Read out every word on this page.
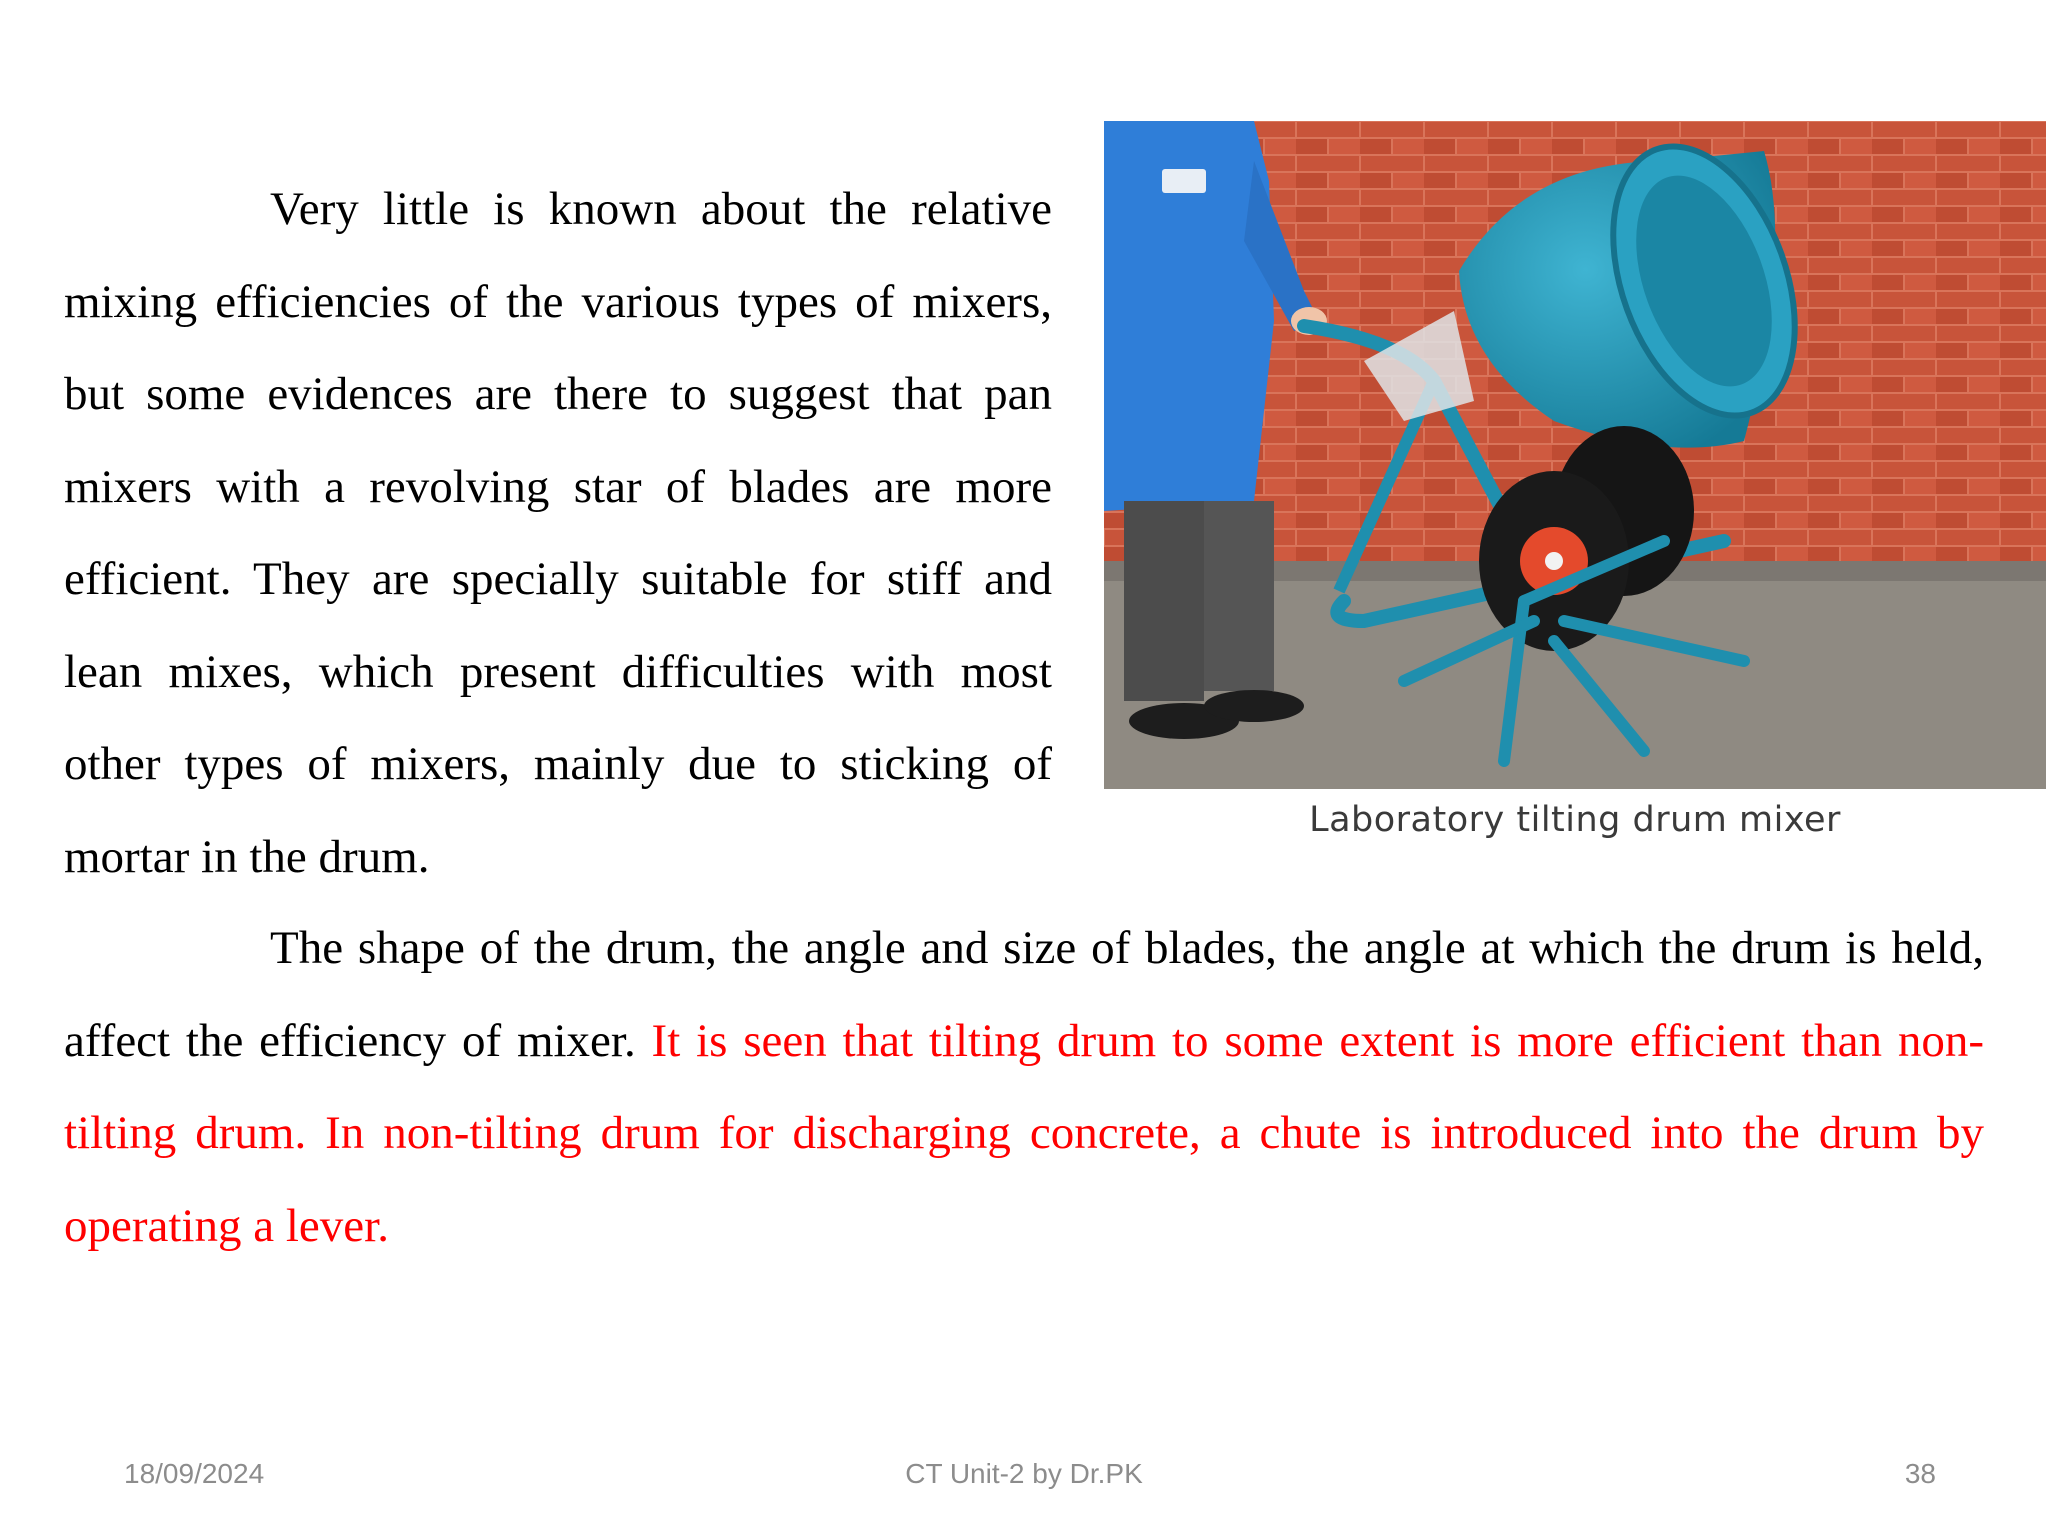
Very little is known about the relative mixing efficiencies of the various types of mixers, but some evidences are there to suggest that pan mixers with a revolving star of blades are more efficient. They are specially suitable for stiff and lean mixes, which present difficulties with most other types of mixers, mainly due to sticking of mortar in the drum.

Laboratory tilting drum mixer

The shape of the drum, the angle and size of blades, the angle at which the drum is held, affect the efficiency of mixer. It is seen that tilting drum to some extent is more efficient than non-tilting drum. In non-tilting drum for discharging concrete, a chute is introduced into the drum by operating a lever.

18/09/2024	CT Unit-2 by Dr.PK	38
